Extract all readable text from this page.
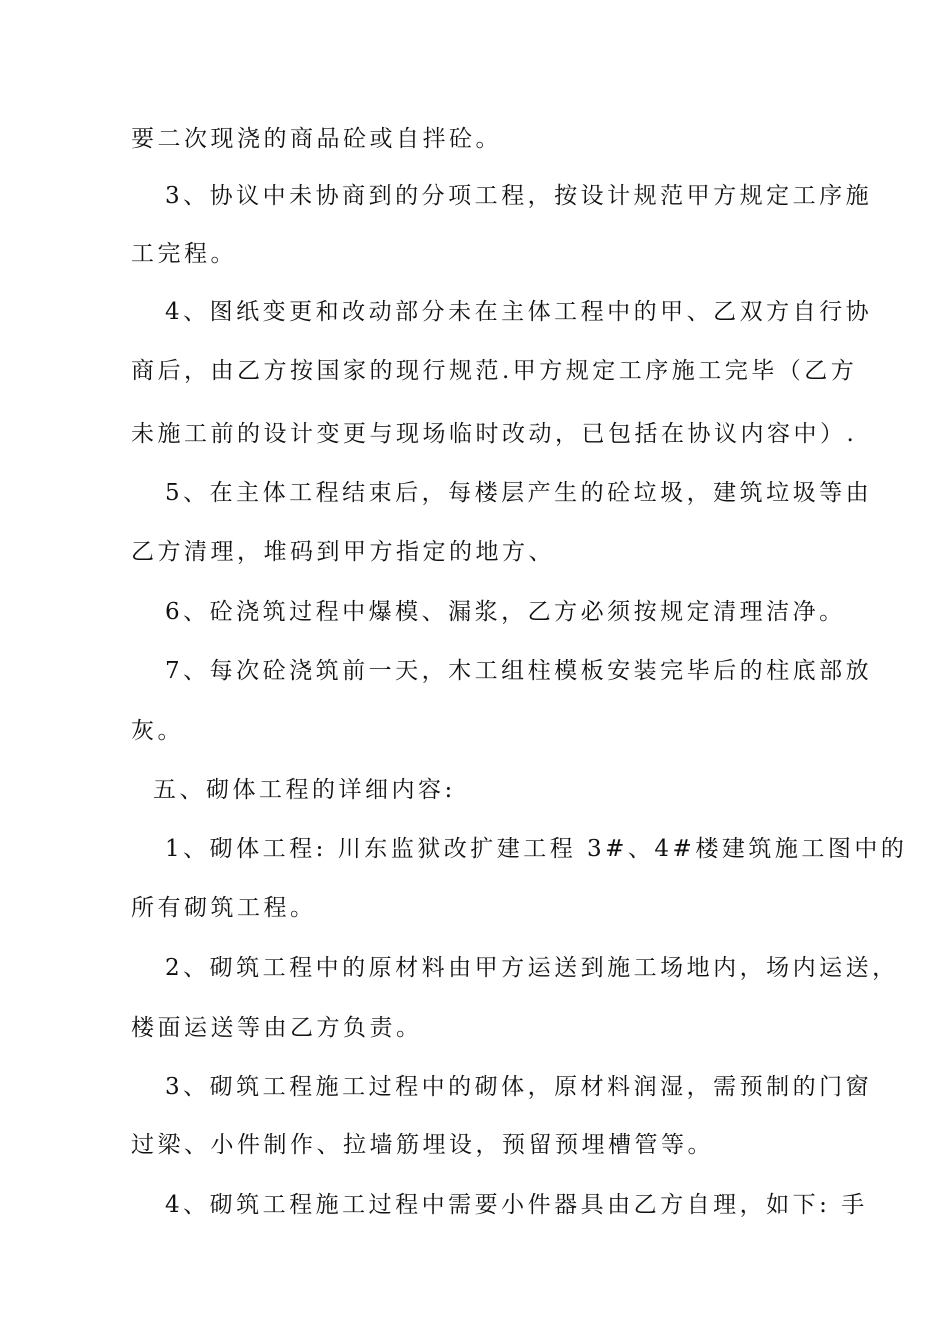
要二次现浇的商品砼或自拌砼。
3、协议中未协商到的分项工程，按设计规范甲方规定工序施
工完程。
4、图纸变更和改动部分未在主体工程中的甲、乙双方自行协
商后，由乙方按国家的现行规范.甲方规定工序施工完毕（乙方
未施工前的设计变更与现场临时改动，已包括在协议内容中）.
5、在主体工程结束后，每楼层产生的砼垃圾，建筑垃圾等由
乙方清理，堆码到甲方指定的地方、
6、砼浇筑过程中爆模、漏浆，乙方必须按规定清理洁净。
7、每次砼浇筑前一天，木工组柱模板安装完毕后的柱底部放
灰。
五、砌体工程的详细内容:
1、砌体工程: 川东监狱改扩建工程 3#、4#楼建筑施工图中的
所有砌筑工程。
2、砌筑工程中的原材料由甲方运送到施工场地内，场内运送，
楼面运送等由乙方负责。
3、砌筑工程施工过程中的砌体，原材料润湿，需预制的门窗
过梁、小件制作、拉墙筋埋设，预留预埋槽管等。
4、砌筑工程施工过程中需要小件器具由乙方自理，如下: 手
